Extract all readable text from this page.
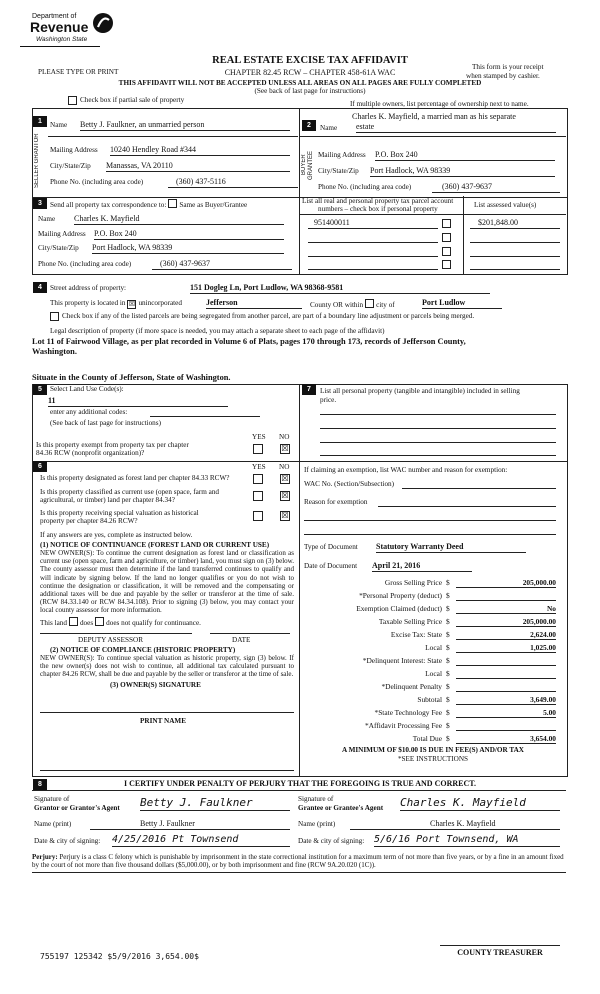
Department of
Revenue
Washington State
REAL ESTATE EXCISE TAX AFFIDAVIT
CHAPTER 82.45 RCW – CHAPTER 458-61A WAC
PLEASE TYPE OR PRINT
This form is your receipt
when stamped by cashier.
THIS AFFIDAVIT WILL NOT BE ACCEPTED UNLESS ALL AREAS ON ALL PAGES ARE FULLY COMPLETED
(See back of last page for instructions)
Check box if partial sale of property	If multiple owners, list percentage of ownership next to name.
1
SELLER GRANTOR
Name Betty J. Faulkner, an unmarried person
Mailing Address 10240 Hendley Road #344
City/State/Zip Manassas, VA 20110
Phone No. (including area code)	(360) 437-5116
2
Charles K. Mayfield, a married man as his separate
Name estate
BUYER GRANTEE Mailing Address P.O. Box 240
City/State/Zip Port Hadlock, WA 98339
Phone No. (including area code)	(360) 437-9637
3	Send all property tax correspondence to: Same as Buyer/Grantee
Name Charles K. Mayfield
Mailing Address P.O. Box 240
City/State/Zip Port Hadlock, WA 98339
Phone No. (including area code)	(360) 437-9637
List all real and personal property tax parcel account
numbers – check box if personal property	List assessed value(s)
951400011	$201,848.00
4	Street address of property:	151 Dogleg Ln, Port Ludlow, WA 98368-9581
This property is located in ☒ unincorporated	Jefferson	County OR within city of	Port Ludlow
Check box if any of the listed parcels are being segregated from another parcel, are part of a boundary line adjustment or parcels being merged.
Legal description of property (if more space is needed, you may attach a separate sheet to each page of the affidavit)
Lot 11 of Fairwood Village, as per plat recorded in Volume 6 of Plats, pages 170 through 173, records of Jefferson County,
Washington.
Situate in the County of Jefferson, State of Washington.
5	Select Land Use Code(s):
11
enter any additional codes:
(See back of last page for instructions)
YES NO
Is this property exempt from property tax per chapter
84.36 RCW (nonprofit organization)?	☒
7	List all personal property (tangible and intangible) included in selling
price.
6	YES NO
Is this property designated as forest land per chapter 84.33 RCW?	☒
Is this property classified as current use (open space, farm and
agricultural, or timber) land per chapter 84.34?	☒
Is this property receiving special valuation as historical
property per chapter 84.26 RCW?
☒
If any answers are yes, complete as instructed below.
(1) NOTICE OF CONTINUANCE (FOREST LAND OR CURRENT USE)
NEW OWNER(S): To continue the current designation as forest land or classification as current use (open space, farm and agriculture, or timber) land, you must sign on (3) below. The county assessor must then determine if the land transferred continues to qualify and will indicate by signing below. If the land no longer qualifies or you do not wish to continue the designation or classification, it will be removed and the compensating or additional taxes will be due and payable by the seller or transferor at the time of sale. (RCW 84.33.140 or RCW 84.34.108). Prior to signing (3) below, you may contact your local county assessor for more information.
This land does does not qualify for continuance.
DEPUTY ASSESSOR	DATE
(2) NOTICE OF COMPLIANCE (HISTORIC PROPERTY)
NEW OWNER(S): To continue special valuation as historic property, sign (3) below. If the new owner(s) does not wish to continue, all additional tax calculated pursuant to chapter 84.26 RCW, shall be due and payable by the seller or transferor at the time of sale.
(3) OWNER(S) SIGNATURE
PRINT NAME
If claiming an exemption, list WAC number and reason for exemption:
WAC No. (Section/Subsection)
Reason for exemption
Type of Document Statutory Warranty Deed
Date of Document April 21, 2016
Gross Selling Price $	205,000.00
*Personal Property (deduct) $
Exemption Claimed (deduct) $	No
Taxable Selling Price $	205,000.00
Excise Tax: State $	2,624.00
Local $	1,025.00
*Delinquent Interest: State $
Local $
*Delinquent Penalty $
Subtotal $	3,649.00
*State Technology Fee $	5.00
*Affidavit Processing Fee $
Total Due $	3,654.00
A MINIMUM OF $10.00 IS DUE IN FEE(S) AND/OR TAX
*SEE INSTRUCTIONS
8	I CERTIFY UNDER PENALTY OF PERJURY THAT THE FOREGOING IS TRUE AND CORRECT.
Signature of
Grantor or Grantor's Agent Betty J. Faulkner	Signature of
Grantee or Grantee's Agent Charles K. Mayfield
Name (print)	Betty J. Faulkner	Name (print)	Charles K. Mayfield
Date & city of signing: 4/25/2016 Pt Townsend	Date & city of signing: 5/6/16 Port Townsend, WA
Perjury: Perjury is a class C felony which is punishable by imprisonment in the state correctional institution for a maximum term of not more than five years, or by a fine in an amount fixed by the court of not more than five thousand dollars ($5,000.00), or by both imprisonment and fine (RCW 9A.20.020 (1C)).
755197 125342 $5/9/2016 3,654.00$	COUNTY TREASURER
